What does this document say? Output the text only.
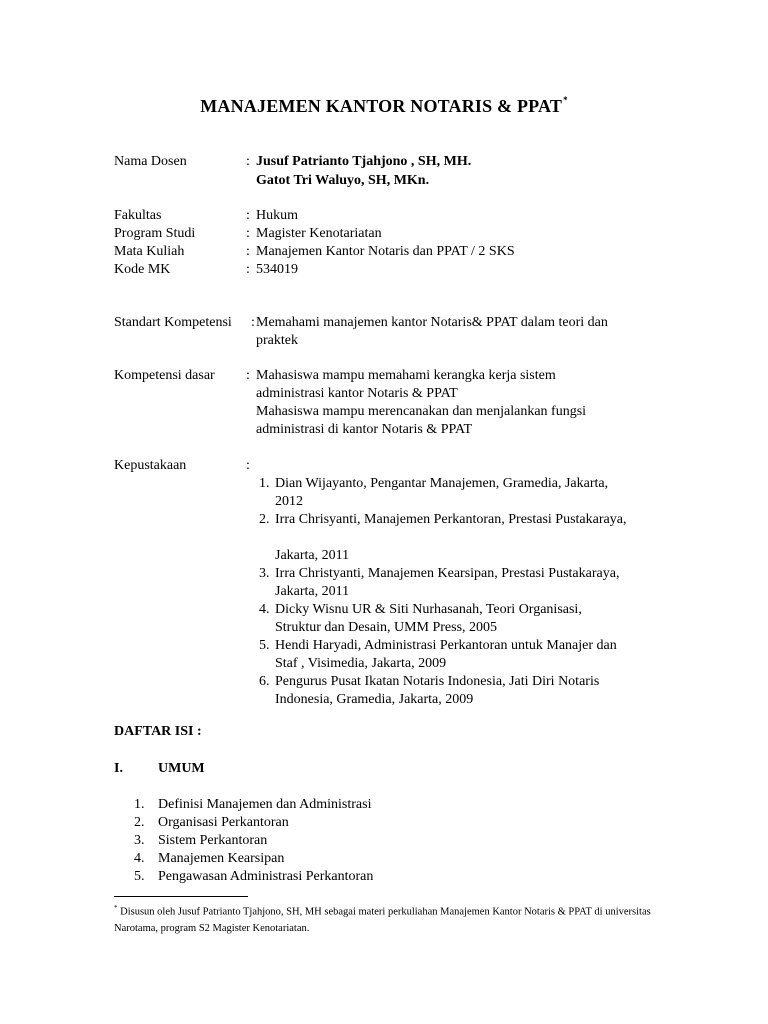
MANAJEMEN KANTOR NOTARIS & PPAT*
Nama Dosen	: Jusuf Patrianto Tjahjono , SH, MH.
Gatot Tri Waluyo, SH, MKn.
Fakultas	: Hukum
Program Studi	: Magister Kenotariatan
Mata Kuliah	: Manajemen Kantor Notaris dan PPAT / 2 SKS
Kode MK	: 534019
Standart Kompetensi : Memahami manajemen kantor Notaris& PPAT dalam teori dan praktek
Kompetensi dasar : Mahasiswa mampu memahami kerangka kerja sistem administrasi kantor Notaris & PPAT
Mahasiswa mampu merencanakan dan menjalankan fungsi administrasi di kantor Notaris & PPAT
Kepustakaan	:
1. Dian Wijayanto, Pengantar Manajemen, Gramedia, Jakarta,
2012
2. Irra Chrisyanti, Manajemen Perkantoran, Prestasi Pustakaraya,
Jakarta, 2011
3. Irra Christyanti, Manajemen Kearsipan, Prestasi Pustakaraya,
Jakarta, 2011
4. Dicky Wisnu UR & Siti Nurhasanah, Teori Organisasi,
Struktur dan Desain, UMM Press, 2005
5. Hendi Haryadi, Administrasi Perkantoran untuk Manajer dan
Staf , Visimedia, Jakarta, 2009
6. Pengurus Pusat Ikatan Notaris Indonesia, Jati Diri Notaris
Indonesia, Gramedia, Jakarta, 2009
DAFTAR ISI :
I.	UMUM
1. Definisi Manajemen dan Administrasi
2. Organisasi Perkantoran
3. Sistem Perkantoran
4. Manajemen Kearsipan
5. Pengawasan Administrasi Perkantoran
* Disusun oleh Jusuf Patrianto Tjahjono, SH, MH sebagai materi perkuliahan Manajemen Kantor Notaris & PPAT di universitas Narotama, program S2 Magister Kenotariatan.
